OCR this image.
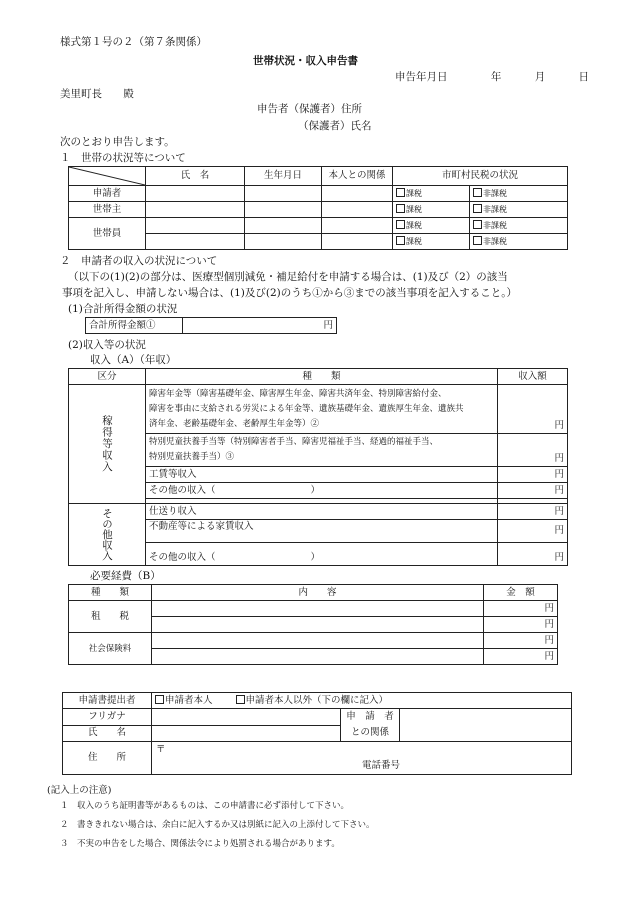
様式第１号の２（第７条関係）
世帯状況・収入申告書
申告年月日	年	月	日
美里町長 殿
申告者（保護者）住所
（保護者）氏名
次のとおり申告します。
１　世帯の状況等について
	氏　名	生年月日	本人との関係	市町村民税の状況	
申請者				課税	非課税
世帯主				課税	非課税
世帯員				課税	非課税
				課税	非課税
２　申請者の収入の状況について
（以下の(1)(2)の部分は、医療型個別減免・補足給付を申請する場合は、(1)及び（2）の該当
事項を記入し、申請しない場合は、(1)及び(2)のうち①から③までの該当事項を記入すること。）
(1)合計所得金額の状況
合計所得金額①	円
(2)収入等の状況
収入（A）（年収）
区分	種　　類	収入額
稼得等収入	障害年金等（障害基礎年金、障害厚生年金、障害共済年金、特別障害給付金、
障害を事由に支給される労災による年金等、遺族基礎年金、遺族厚生年金、遺族共
済年金、老齢基礎年金、老齢厚生年金等）②	円

	特別児童扶養手当等（特別障害者手当、障害児福祉手当、経過的福祉手当、
特別児童扶養手当）③	円
	工賃等収入	円
	その他の収入（　　　　　　　　　　）	円

その他収入	仕送り収入	円
	不動産等による家賃収入	円
	その他の収入（　　　　　　　　　　）	円
必要経費（B）
種　　類	内　　容	金　額
租　　税		円
		円
社会保険料		円
		円
申請書提出者	申請者本人 申請者本人以外（下の欄に記入）		
フリガナ		申　請　者
との関係	

氏　　名			
住　　所	〒
電話番号		
(記入上の注意)
１　収入のうち証明書等があるものは、この申請書に必ず添付して下さい。
２　書ききれない場合は、余白に記入するか又は別紙に記入の上添付して下さい。
３　不実の申告をした場合、関係法令により処罰される場合があります。
